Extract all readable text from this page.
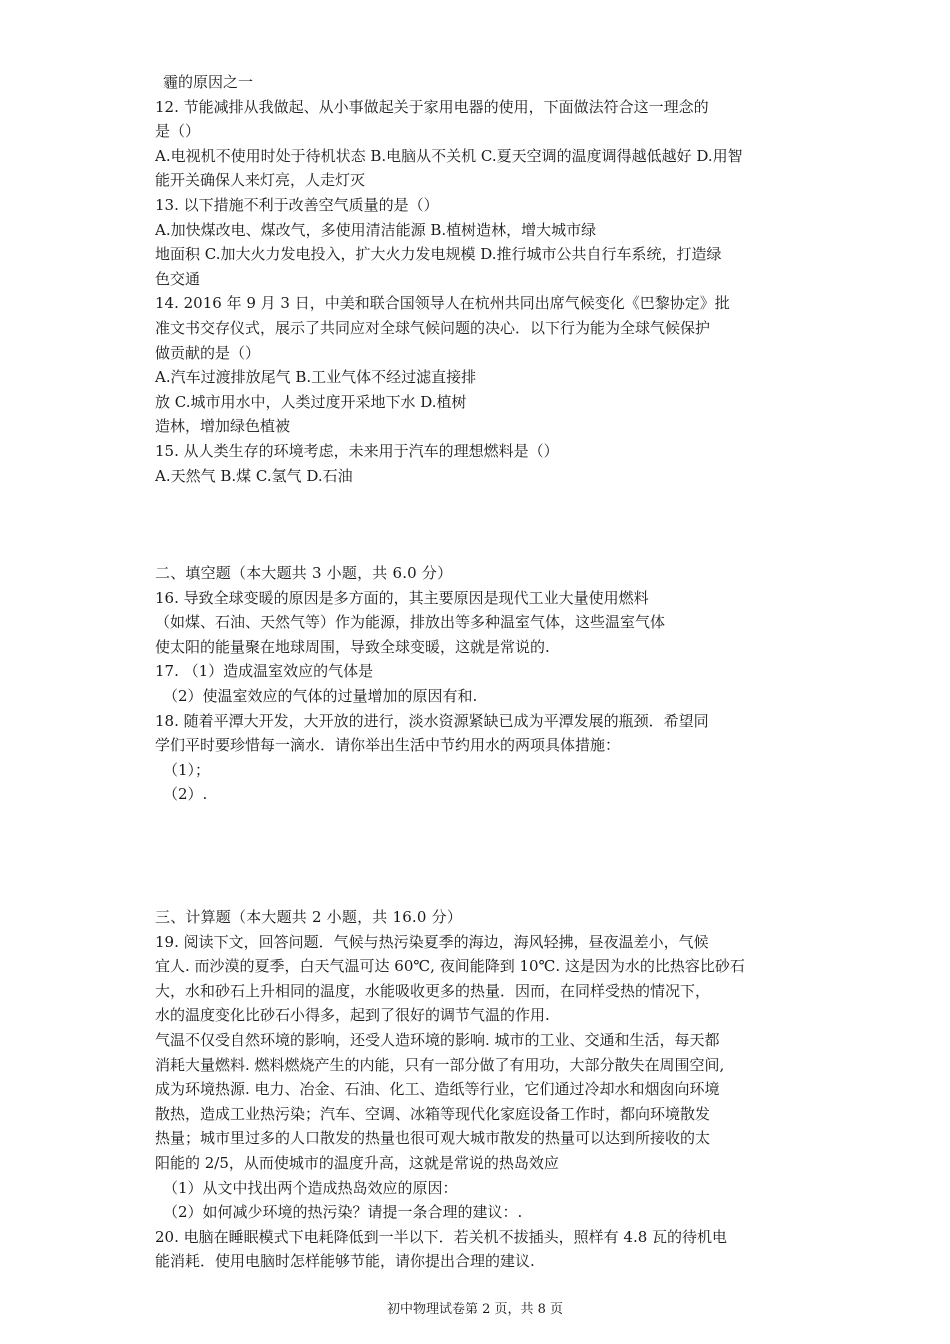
霾的原因之一
12. 节能减排从我做起、从小事做起关于家用电器的使用，下面做法符合这一理念的
是（）
A.电视机不使用时处于待机状态 B.电脑从不关机 C.夏天空调的温度调得越低越好 D.用智
能开关确保人来灯亮，人走灯灭
13. 以下措施不利于改善空气质量的是（）
A.加快煤改电、煤改气，多使用清洁能源 B.植树造林，增大城市绿
地面积 C.加大火力发电投入，扩大火力发电规模 D.推行城市公共自行车系统，打造绿
色交通
14. 2016 年 9 月 3 日，中美和联合国领导人在杭州共同出席气候变化《巴黎协定》批
准文书交存仪式，展示了共同应对全球气候问题的决心．以下行为能为全球气候保护
做贡献的是（）
A.汽车过渡排放尾气 B.工业气体不经过滤直接排
放 C.城市用水中，人类过度开采地下水 D.植树
造林，增加绿色植被
15. 从人类生存的环境考虑，未来用于汽车的理想燃料是（）
A.天然气 B.煤 C.氢气 D.石油
二、填空题（本大题共 3 小题，共 6.0 分）
16. 导致全球变暖的原因是多方面的，其主要原因是现代工业大量使用燃料
（如煤、石油、天然气等）作为能源，排放出等多种温室气体，这些温室气体
使太阳的能量聚在地球周围，导致全球变暖，这就是常说的.
17. （1）造成温室效应的气体是
（2）使温室效应的气体的过量增加的原因有和.
18. 随着平潭大开发，大开放的进行，淡水资源紧缺已成为平潭发展的瓶颈．希望同
学们平时要珍惜每一滴水．请你举出生活中节约用水的两项具体措施：
（1）；
（2）.
三、计算题（本大题共 2 小题，共 16.0 分）
19. 阅读下文，回答问题．气候与热污染夏季的海边，海风轻拂，昼夜温差小，气候
宜人. 而沙漠的夏季，白天气温可达 60℃, 夜间能降到 10℃. 这是因为水的比热容比砂石
大，水和砂石上升相同的温度，水能吸收更多的热量．因而，在同样受热的情况下，
水的温度变化比砂石小得多，起到了很好的调节气温的作用.
气温不仅受自然环境的影响，还受人造环境的影响. 城市的工业、交通和生活，每天都
消耗大量燃料. 燃料燃烧产生的内能，只有一部分做了有用功，大部分散失在周围空间,
成为环境热源. 电力、冶金、石油、化工、造纸等行业，它们通过冷却水和烟囱向环境
散热，造成工业热污染；汽车、空调、冰箱等现代化家庭设备工作时，都向环境散发
热量；城市里过多的人口散发的热量也很可观大城市散发的热量可以达到所接收的太
阳能的 2/5，从而使城市的温度升高，这就是常说的热岛效应
（1）从文中找出两个造成热岛效应的原因：
（2）如何减少环境的热污染？请提一条合理的建议：.
20. 电脑在睡眠模式下电耗降低到一半以下．若关机不拔插头，照样有 4.8 瓦的待机电
能消耗．使用电脑时怎样能够节能，请你提出合理的建议.
初中物理试卷第 2 页，共 8 页
